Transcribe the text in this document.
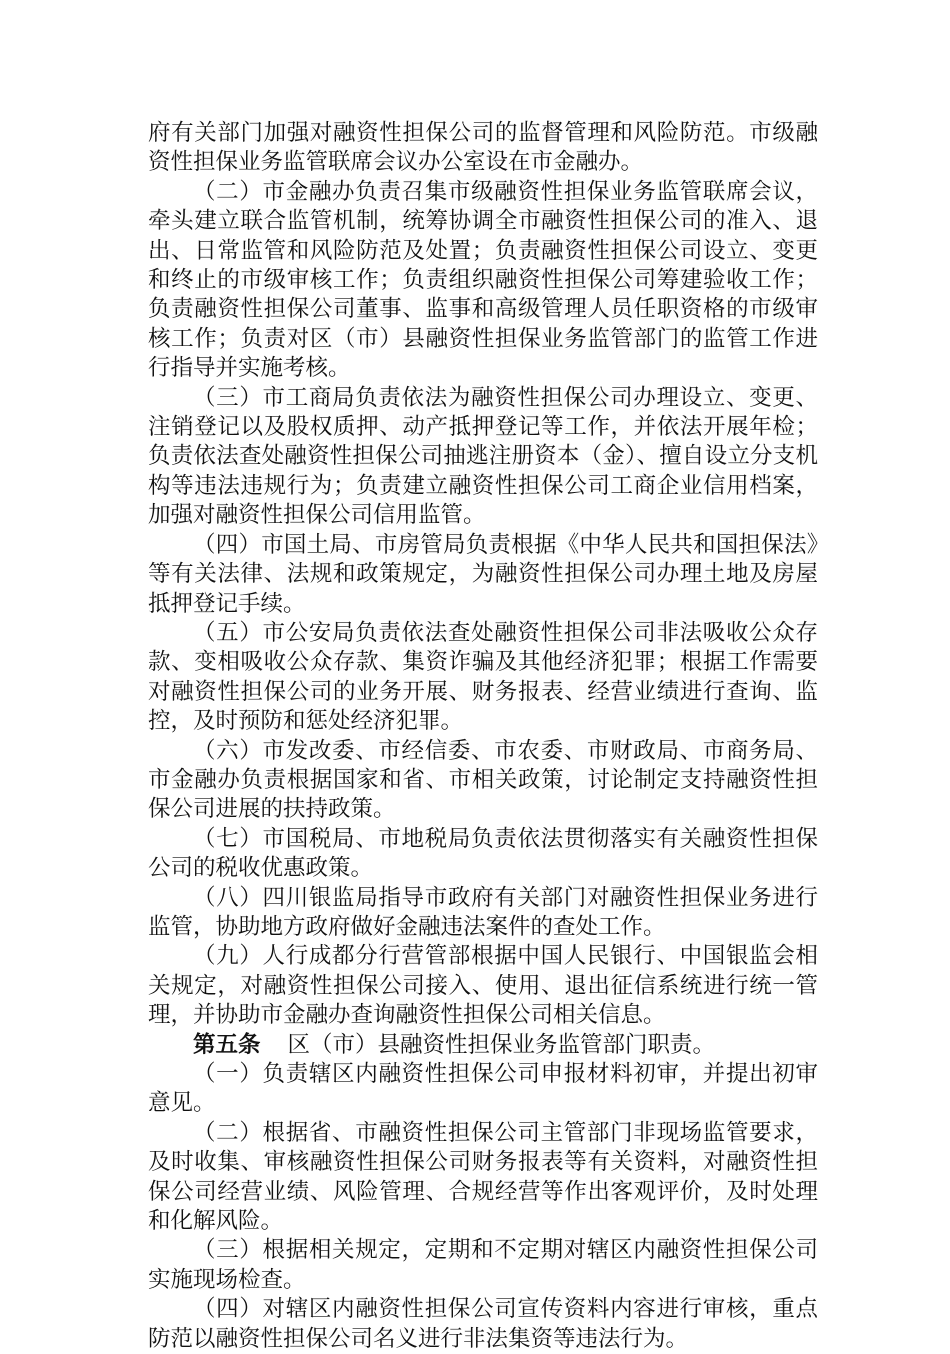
府有关部门加强对融资性担保公司的监督管理和风险防范。市级融资性担保业务监管联席会议办公室设在市金融办。

（二）市金融办负责召集市级融资性担保业务监管联席会议，牵头建立联合监管机制，统筹协调全市融资性担保公司的准入、退出、日常监管和风险防范及处置；负责融资性担保公司设立、变更和终止的市级审核工作；负责组织融资性担保公司筹建验收工作；负责融资性担保公司董事、监事和高级管理人员任职资格的市级审核工作；负责对区（市）县融资性担保业务监管部门的监管工作进行指导并实施考核。

（三）市工商局负责依法为融资性担保公司办理设立、变更、注销登记以及股权质押、动产抵押登记等工作，并依法开展年检；负责依法查处融资性担保公司抽逃注册资本（金）、擅自设立分支机构等违法违规行为；负责建立融资性担保公司工商企业信用档案，加强对融资性担保公司信用监管。

（四）市国土局、市房管局负责根据《中华人民共和国担保法》等有关法律、法规和政策规定，为融资性担保公司办理土地及房屋抵押登记手续。

（五）市公安局负责依法查处融资性担保公司非法吸收公众存款、变相吸收公众存款、集资诈骗及其他经济犯罪；根据工作需要对融资性担保公司的业务开展、财务报表、经营业绩进行查询、监控，及时预防和惩处经济犯罪。

（六）市发改委、市经信委、市农委、市财政局、市商务局、市金融办负责根据国家和省、市相关政策，讨论制定支持融资性担保公司进展的扶持政策。

（七）市国税局、市地税局负责依法贯彻落实有关融资性担保公司的税收优惠政策。

（八）四川银监局指导市政府有关部门对融资性担保业务进行监管，协助地方政府做好金融违法案件的查处工作。

（九）人行成都分行营管部根据中国人民银行、中国银监会相关规定，对融资性担保公司接入、使用、退出征信系统进行统一管理，并协助市金融办查询融资性担保公司相关信息。

第五条 区（市）县融资性担保业务监管部门职责。

（一）负责辖区内融资性担保公司申报材料初审，并提出初审意见。

（二）根据省、市融资性担保公司主管部门非现场监管要求，及时收集、审核融资性担保公司财务报表等有关资料，对融资性担保公司经营业绩、风险管理、合规经营等作出客观评价，及时处理和化解风险。

（三）根据相关规定，定期和不定期对辖区内融资性担保公司实施现场检查。

（四）对辖区内融资性担保公司宣传资料内容进行审核，重点防范以融资性担保公司名义进行非法集资等违法行为。
